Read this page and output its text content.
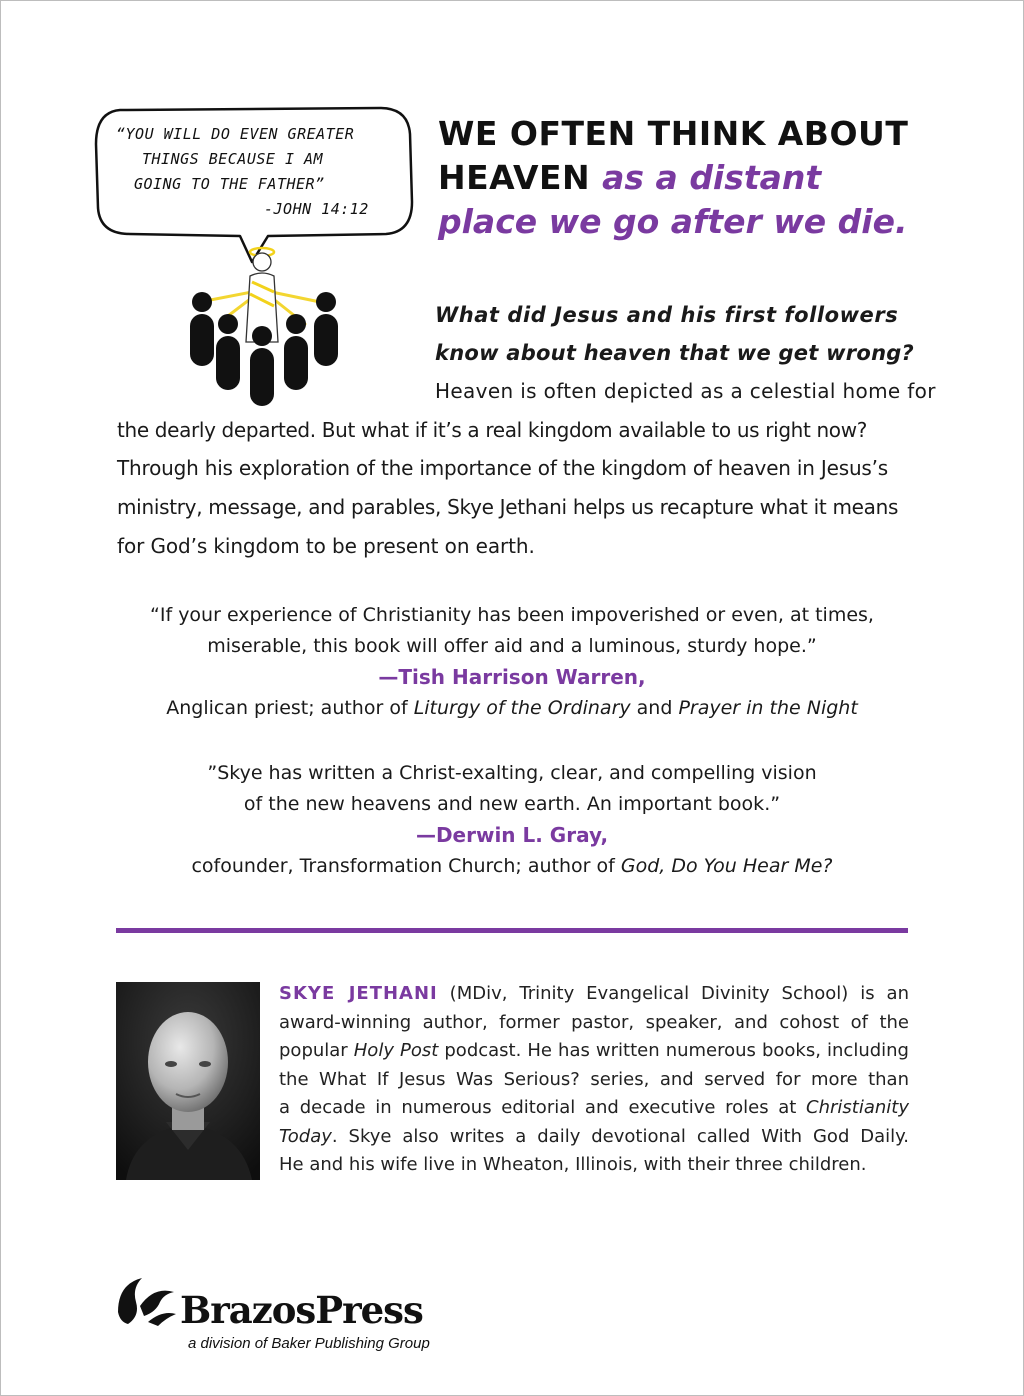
“YOU WILL DO EVEN GREATER
THINGS BECAUSE I AM
GOING TO THE FATHER”
-JOHN 14:12
WE OFTEN THINK ABOUT HEAVEN as a distant place we go after we die.
What did Jesus and his first followers
know about heaven that we get wrong?
Heaven is often depicted as a celestial home for
the dearly departed. But what if it’s a real kingdom available to us right now?
Through his exploration of the importance of the kingdom of heaven in Jesus’s
ministry, message, and parables, Skye Jethani helps us recapture what it means
for God’s kingdom to be present on earth.
“If your experience of Christianity has been impoverished or even, at times,
miserable, this book will offer aid and a luminous, sturdy hope.”
—Tish Harrison Warren,
Anglican priest; author of Liturgy of the Ordinary and Prayer in the Night
”Skye has written a Christ-exalting, clear, and compelling vision
of the new heavens and new earth. An important book.”
—Derwin L. Gray,
cofounder, Transformation Church; author of God, Do You Hear Me?
SKYE JETHANI (MDiv, Trinity Evangelical Divinity School) is an
award-winning author, former pastor, speaker, and cohost of the
popular Holy Post podcast. He has written numerous books, including
the What If Jesus Was Serious? series, and served for more than
a decade in numerous editorial and executive roles at Christianity
Today. Skye also writes a daily devotional called With God Daily.
He and his wife live in Wheaton, Illinois, with their three children.
BrazosPress
a division of Baker Publishing Group
